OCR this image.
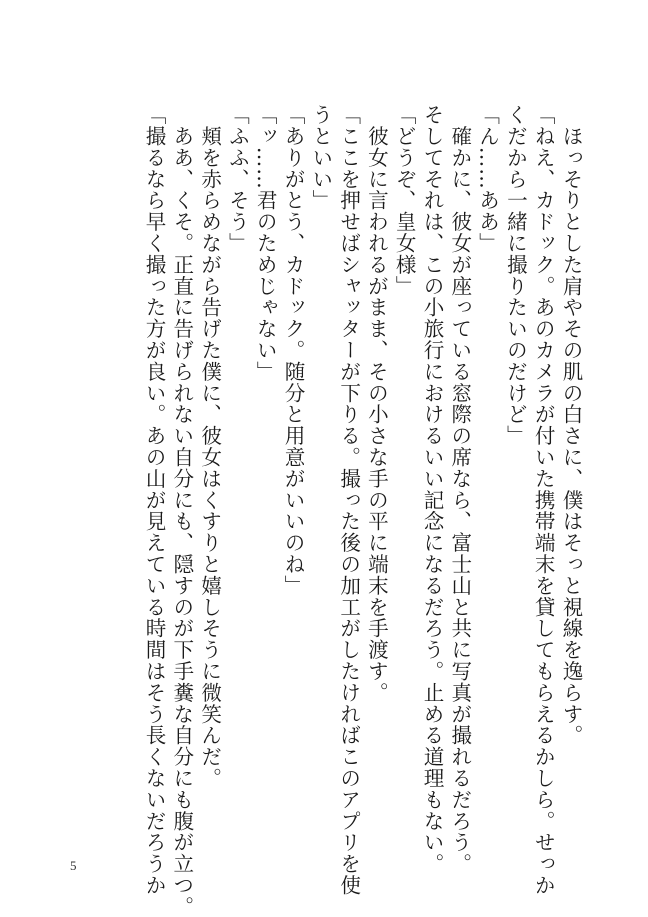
　ほっそりとした肩やその肌の白さに、僕はそっと視線を逸らす。
「ねえ、カドック。あのカメラが付いた携帯端末を貸してもらえるかしら。せっか
くだから一緒に撮りたいのだけど」
「ん……ああ」
　確かに、彼女が座っている窓際の席なら、富士山と共に写真が撮れるだろう。
そしてそれは、この小旅行におけるいい記念になるだろう。止める道理もない。
「どうぞ、皇女様」
　彼女に言われるがまま、その小さな手の平に端末を手渡す。
「ここを押せばシャッターが下りる。撮った後の加工がしたければこのアプリを使
うといい」
「ありがとう、カドック。随分と用意がいいのね」
「ッ……君のためじゃない」
「ふふ、そう」
　頬を赤らめながら告げた僕に、彼女はくすりと嬉しそうに微笑んだ。
　ああ、くそ。正直に告げられない自分にも、隠すのが下手糞な自分にも腹が立つ。
「撮るなら早く撮った方が良い。あの山が見えている時間はそう長くないだろうか
5
